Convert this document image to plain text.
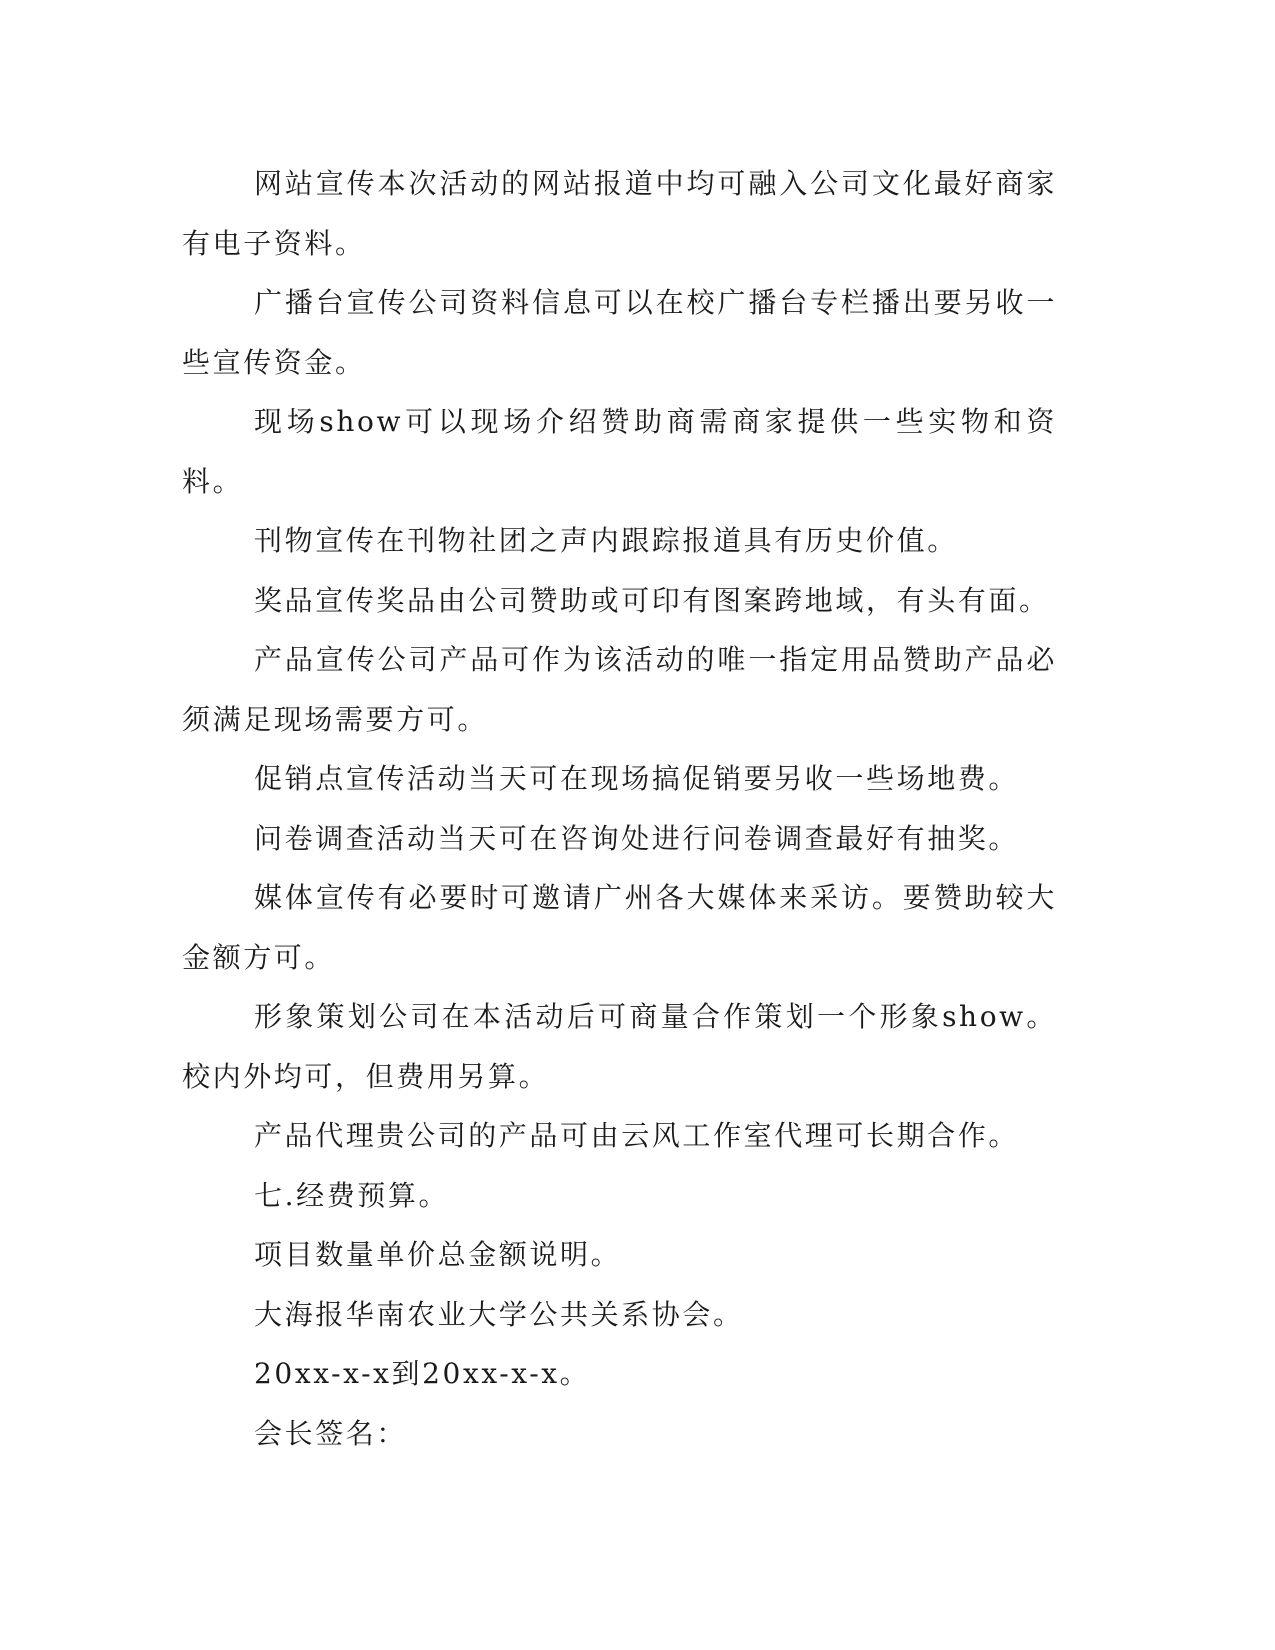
网站宣传本次活动的网站报道中均可融入公司文化最好商家有电子资料。

广播台宣传公司资料信息可以在校广播台专栏播出要另收一些宣传资金。

现场show可以现场介绍赞助商需商家提供一些实物和资料。

刊物宣传在刊物社团之声内跟踪报道具有历史价值。

奖品宣传奖品由公司赞助或可印有图案跨地域，有头有面。

产品宣传公司产品可作为该活动的唯一指定用品赞助产品必须满足现场需要方可。

促销点宣传活动当天可在现场搞促销要另收一些场地费。

问卷调查活动当天可在咨询处进行问卷调查最好有抽奖。

媒体宣传有必要时可邀请广州各大媒体来采访。要赞助较大金额方可。

形象策划公司在本活动后可商量合作策划一个形象show。校内外均可，但费用另算。

产品代理贵公司的产品可由云风工作室代理可长期合作。

七.经费预算。

项目数量单价总金额说明。

大海报华南农业大学公共关系协会。

20xx-x-x到20xx-x-x。

会长签名：
